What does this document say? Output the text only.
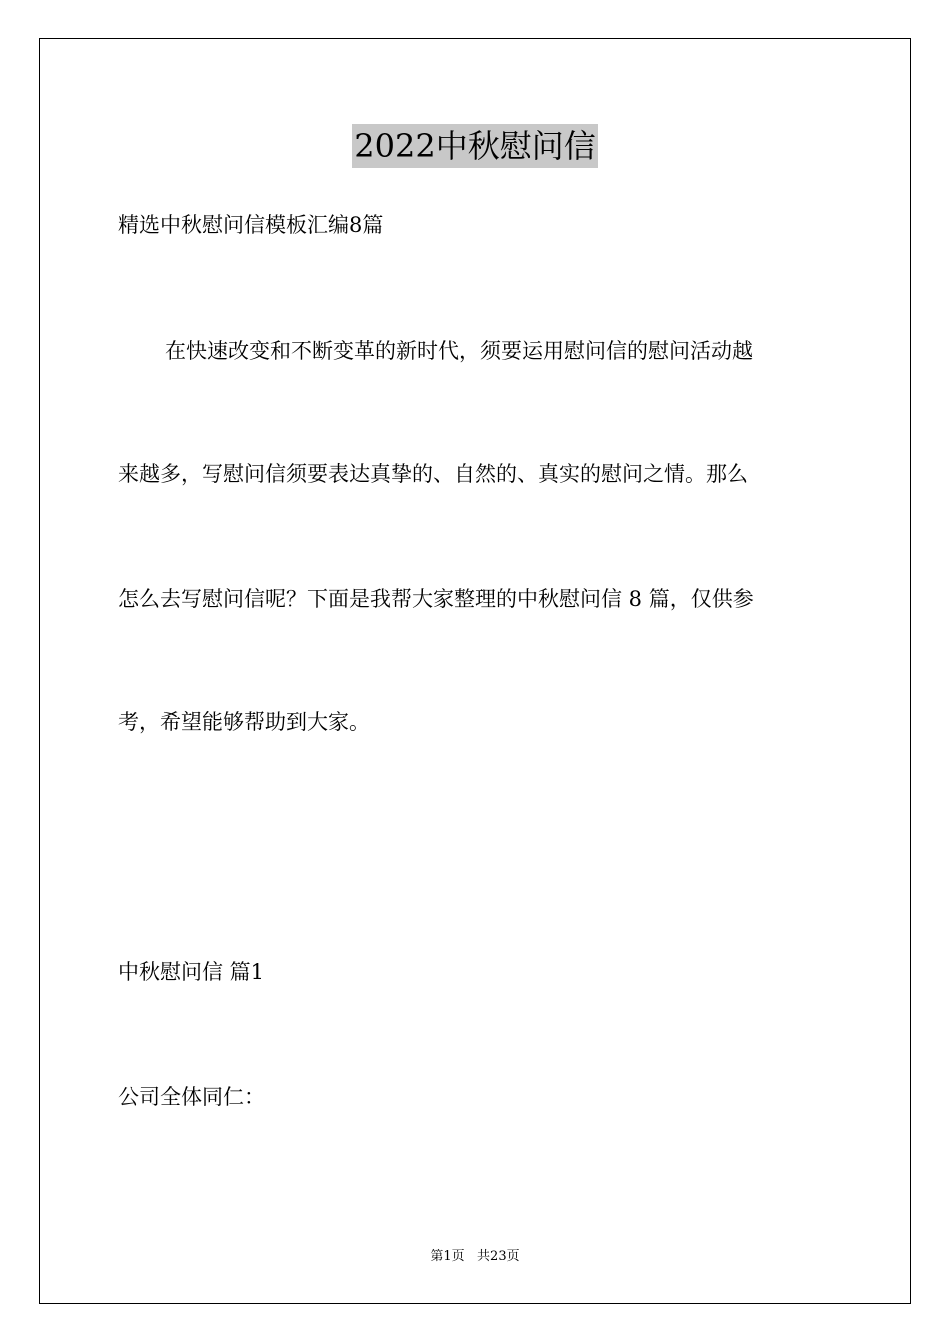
2022中秋慰问信
精选中秋慰问信模板汇编8篇
在快速改变和不断变革的新时代，须要运用慰问信的慰问活动越
来越多，写慰问信须要表达真挚的、自然的、真实的慰问之情。那么
怎么去写慰问信呢？下面是我帮大家整理的中秋慰问信 8 篇，仅供参
考，希望能够帮助到大家。
中秋慰问信 篇1
公司全体同仁：
第1页   共23页
